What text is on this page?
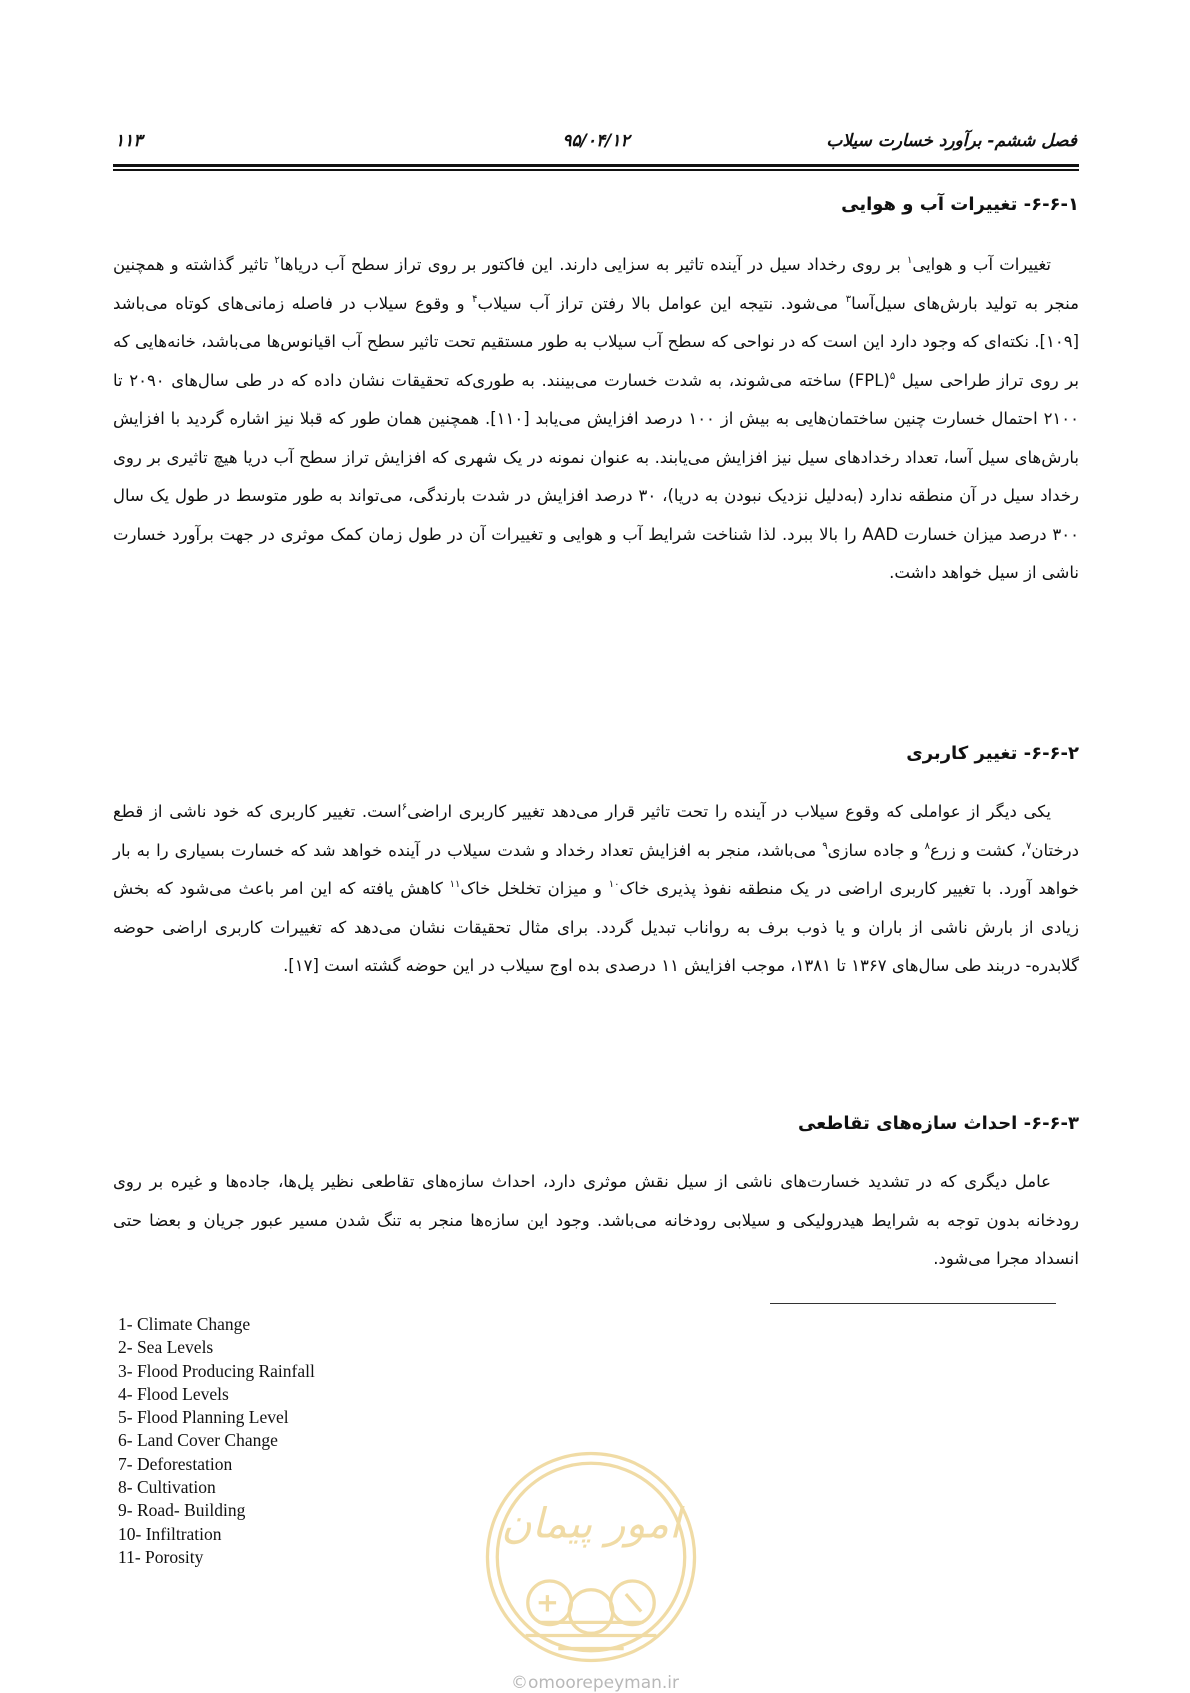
۱۱۳	۹۵/۰۴/۱۲	فصل ششم- برآورد خسارت سیلاب
۶-۶-۱- تغییرات آب و هوایی

تغییرات آب و هوایی$^۱$ بر روی رخداد سیل در آینده تاثیر به سزایی دارند. این فاکتور بر روی تراز سطح آب دریاها$^۲$ تاثیر گذاشته و همچنین منجر به تولید بارش‌های سیل‌آسا$^۳$ می‌شود. نتیجه این عوامل بالا رفتن تراز آب سیلاب$^۴$ و وقوع سیلاب در فاصله زمانی‌های کوتاه می‌باشد [۱۰۹]. نکته‌ای که وجود دارد این است که در نواحی که سطح آب سیلاب به طور مستقیم تحت تاثیر سطح آب اقیانوس‌ها می‌باشد، خانه‌هایی که بر روی تراز طراحی سیل $^۵$(FPL) ساخته می‌شوند، به شدت خسارت می‌بینند. به طوری‌که تحقیقات نشان داده که در طی سال‌های ۲۰۹۰ تا ۲۱۰۰ احتمال خسارت چنین ساختمان‌هایی به بیش از ۱۰۰ درصد افزایش می‌یابد [۱۱۰]. همچنین همان طور که قبلا نیز اشاره گردید با افزایش بارش‌های سیل آسا، تعداد رخدادهای سیل نیز افزایش می‌یابند. به عنوان نمونه در یک شهری که افزایش تراز سطح آب دریا هیچ تاثیری بر روی رخداد سیل در آن منطقه ندارد (به‌دلیل نزدیک نبودن به دریا)، ۳۰ درصد افزایش در شدت بارندگی، می‌تواند به طور متوسط در طول یک سال ۳۰۰ درصد میزان خسارت AAD را بالا ببرد. لذا شناخت شرایط آب و هوایی و تغییرات آن در طول زمان کمک موثری در جهت برآورد خسارت ناشی از سیل خواهد داشت.

۶-۶-۲- تغییر کاربری

یکی دیگر از عواملی که وقوع سیلاب در آینده را تحت تاثیر قرار می‌دهد تغییر کاربری اراضی$^۶$است. تغییر کاربری که خود ناشی از قطع درختان$^۷$، کشت و زرع$^۸$ و جاده سازی$^۹$ می‌باشد، منجر به افزایش تعداد رخداد و شدت سیلاب در آینده خواهد شد که خسارت بسیاری را به بار خواهد آورد. با تغییر کاربری اراضی در یک منطقه نفوذ پذیری خاک$^{۱۰}$ و میزان تخلخل خاک$^{۱۱}$ کاهش یافته که این امر باعث می‌شود که بخش زیادی از بارش ناشی از باران و یا ذوب برف به رواناب تبدیل گردد. برای مثال تحقیقات نشان می‌دهد که تغییرات کاربری اراضی حوضه گلابدره- دربند طی سال‌های ۱۳۶۷ تا ۱۳۸۱، موجب افزایش ۱۱ درصدی بده اوج سیلاب در این حوضه گشته است [۱۷].

۶-۶-۳- احداث سازه‌های تقاطعی

عامل دیگری که در تشدید خسارت‌های ناشی از سیل نقش موثری دارد، احداث سازه‌های تقاطعی نظیر پل‌ها، جاده‌ها و غیره بر روی رودخانه بدون توجه به شرایط هیدرولیکی و سیلابی رودخانه می‌باشد. وجود این سازه‌ها منجر به تنگ شدن مسیر عبور جریان و بعضا حتی انسداد مجرا می‌شود.

1- Climate Change
2- Sea Levels
3- Flood Producing Rainfall
4- Flood Levels
5- Flood Planning Level
6- Land Cover Change
7- Deforestation
8- Cultivation
9- Road- Building
10- Infiltration
11- Porosity
امور پیمان
©omoorepeyman.ir
